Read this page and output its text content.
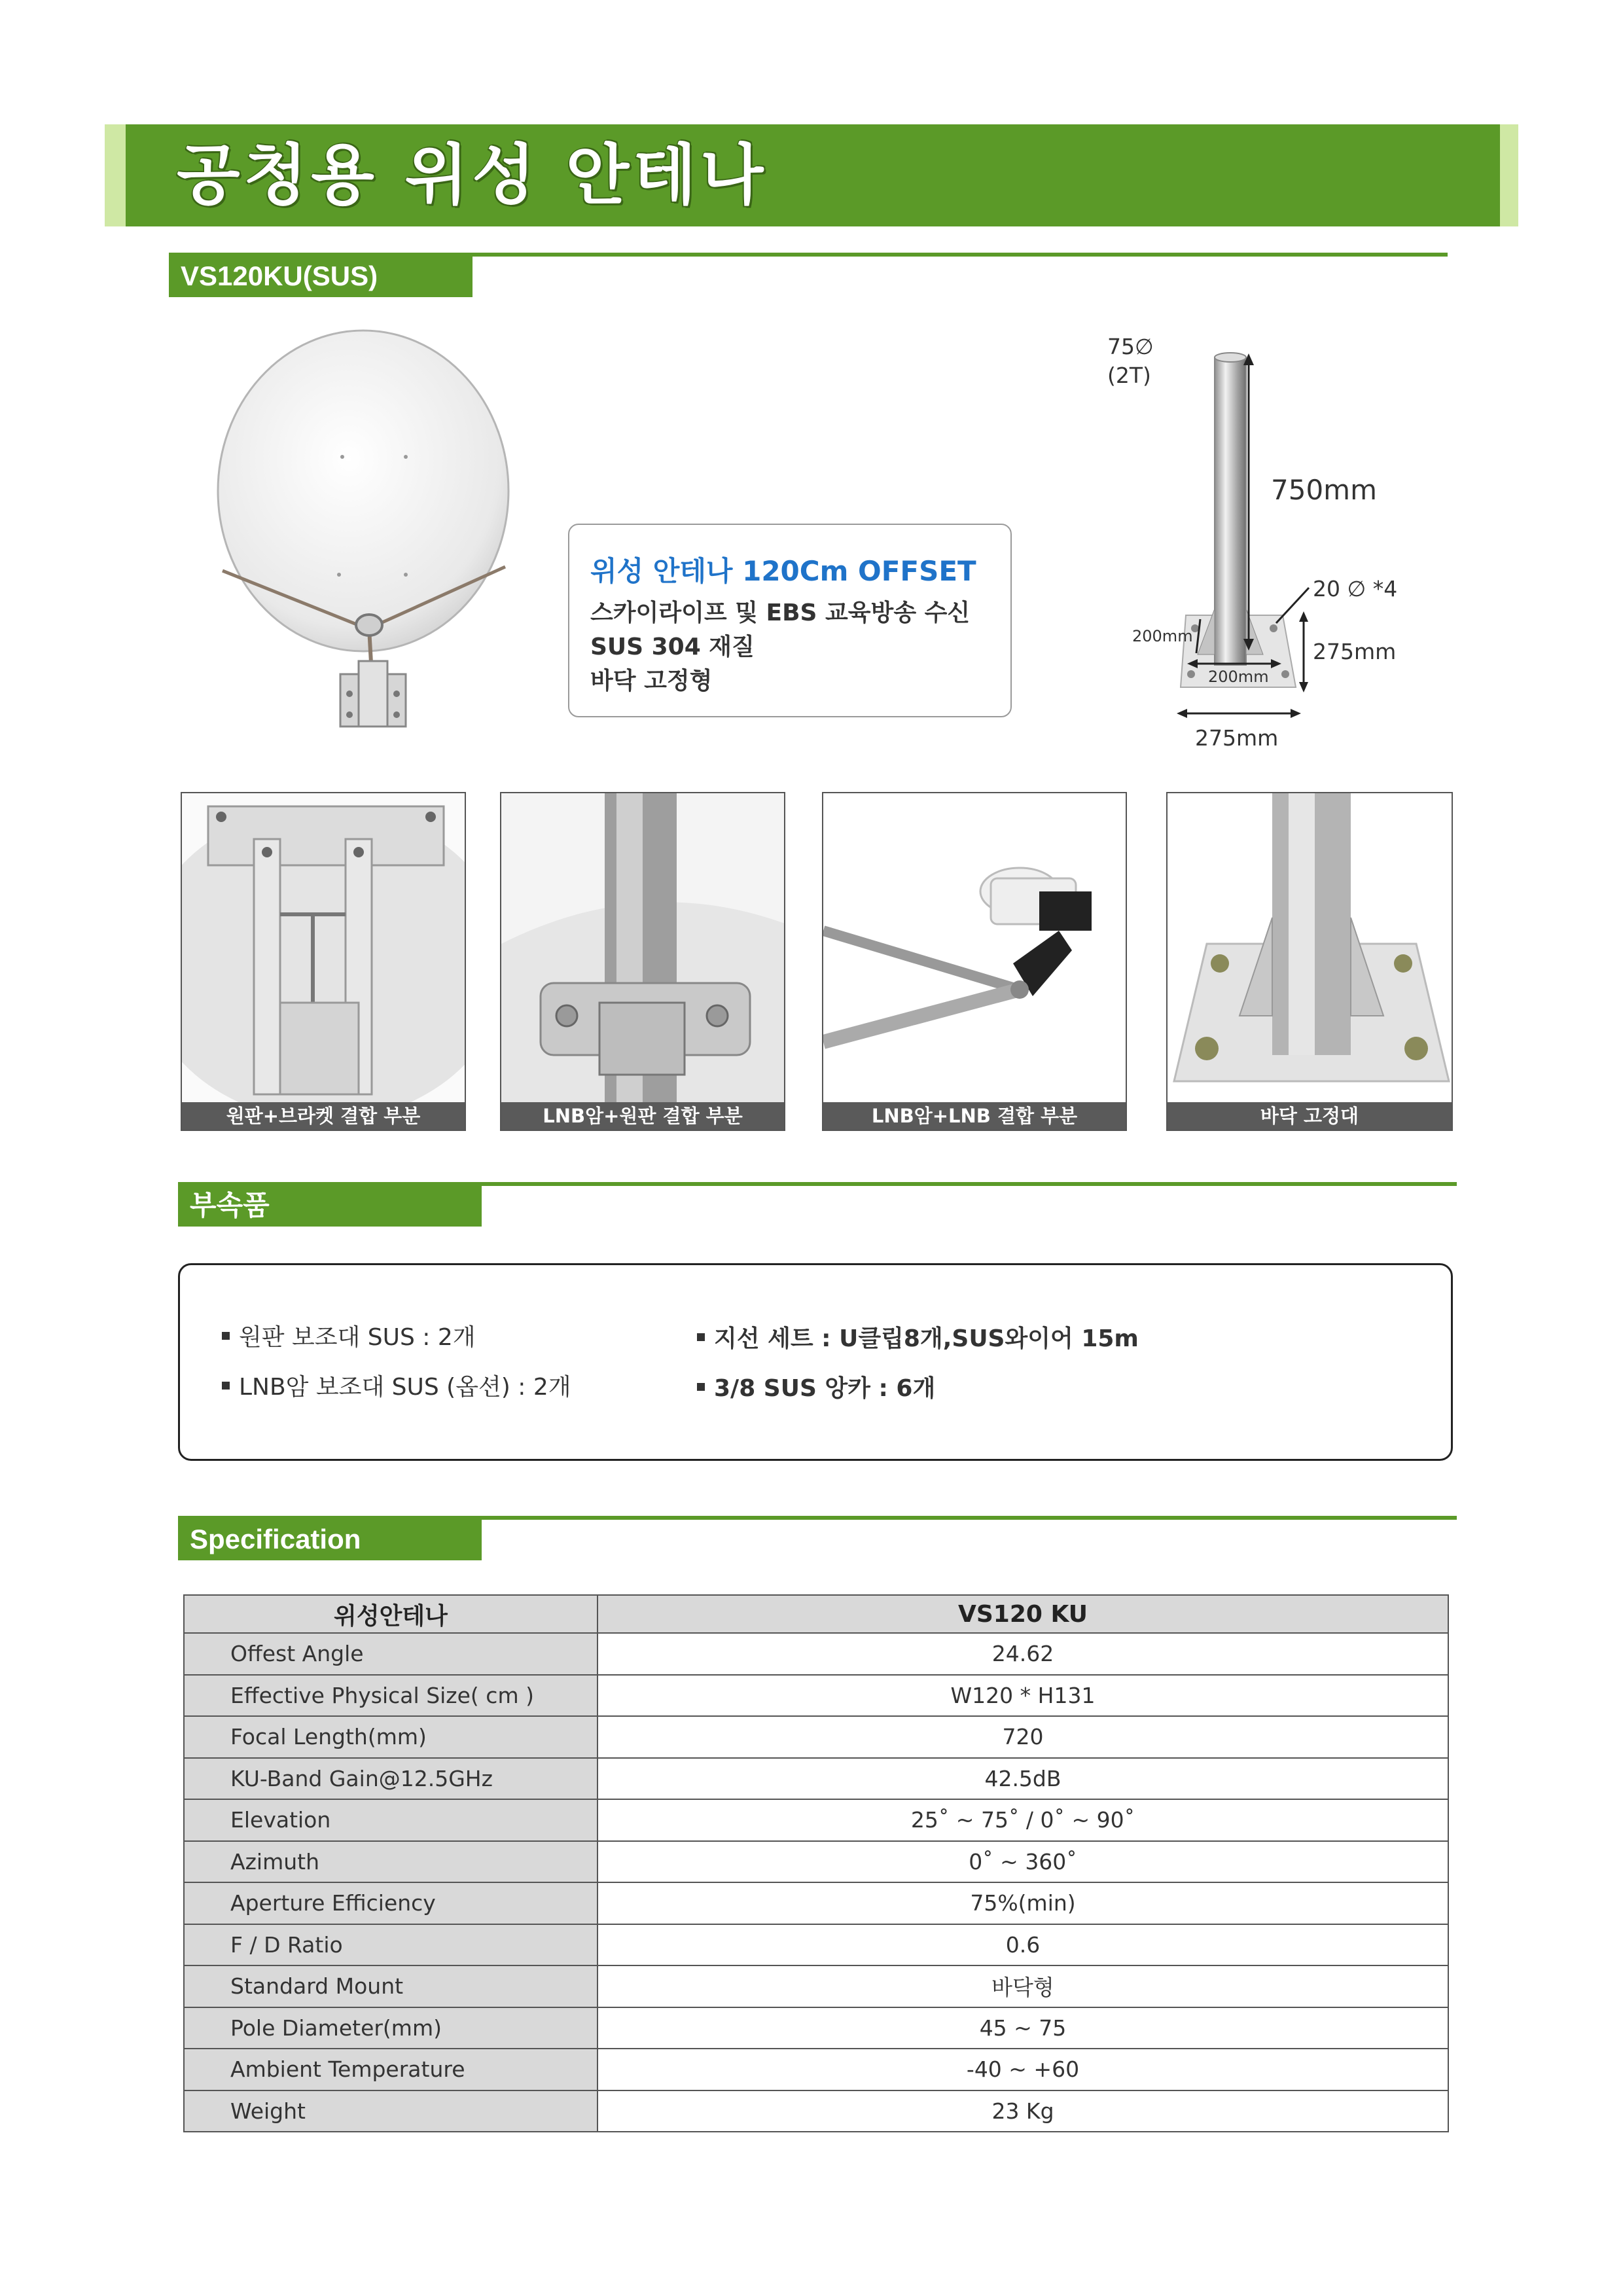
공청용 위성 안테나
VS120KU(SUS)
위성 안테나 120Cm OFFSET
스카이라이프 및 EBS 교육방송 수신
SUS 304 재질
바닥 고정형
75∅
(2T)
750mm
20 ∅ *4
200mm
275mm
200mm
275mm
원판+브라켓 결합 부분	LNB암+원판 결합 부분	LNB암+LNB 결합 부분	바닥 고정대
부속품
원판 보조대 SUS : 2개
LNB암 보조대 SUS (옵션) : 2개
지선 세트 : U클립8개,SUS와이어 15m
3/8 SUS 앙카 : 6개
Specification
위성안테나	VS120 KU
Offest Angle	24.62
Effective Physical Size( cm )	W120 * H131
Focal Length(mm)	720
KU-Band Gain@12.5GHz	42.5dB
Elevation	25˚ ~ 75˚ / 0˚ ~ 90˚
Azimuth	0˚ ~ 360˚
Aperture Efficiency	75%(min)
F / D Ratio	0.6
Standard Mount	바닥형
Pole Diameter(mm)	45 ~ 75
Ambient Temperature	-40 ~ +60
Weight	23 Kg
